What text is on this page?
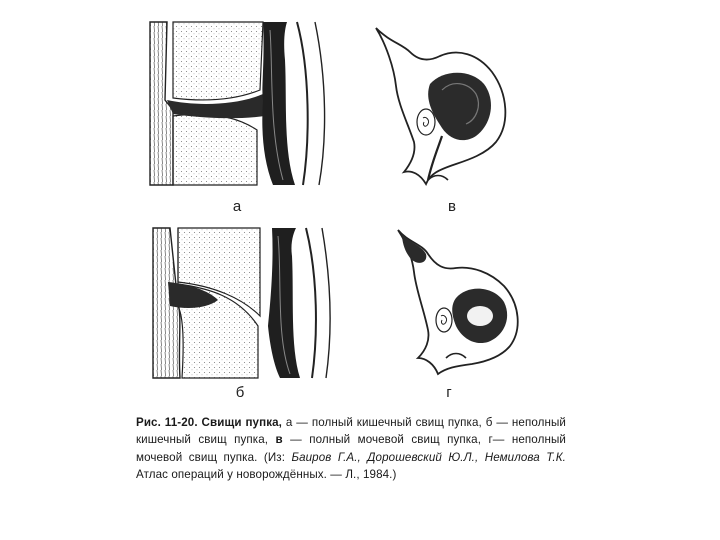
а	в
б	г
Рис. 11-20. Свищи пупка, а — полный кишечный свищ пупка, б — неполный кишечный свищ пупка, в — полный мочевой свищ пупка, г— неполный мочевой свищ пупка. (Из: Баиров Г.А., Дорошевский Ю.Л., Немилова Т.К. Атлас операций у новорождённых. — Л., 1984.)
